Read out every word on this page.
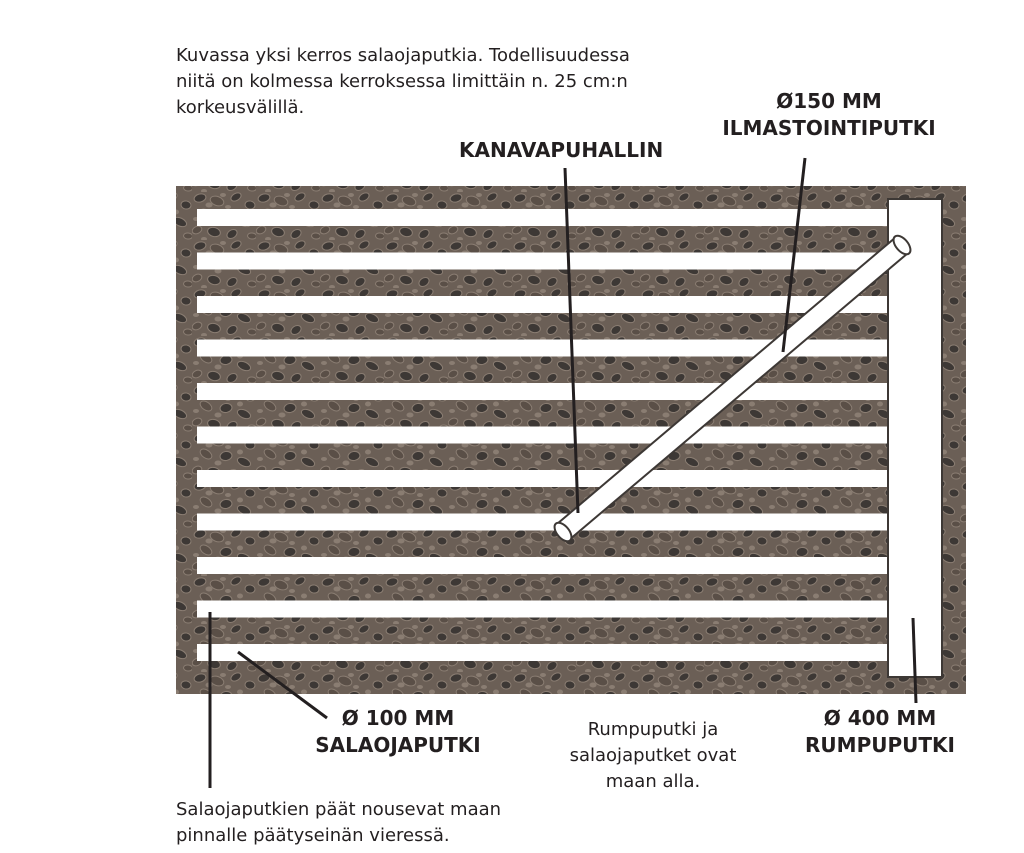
Kuvassa yksi kerros salaojaputkia. Todellisuudessa
niitä on kolmessa kerroksessa limittäin n. 25 cm:n
korkeusvälillä.

KANAVAPUHALLIN
Ø150 MM
ILMASTOINTIPUTKI
Ø 100 MM
SALAOJAPUTKI
Ø 400 MM
RUMPUPUTKI

Rumpuputki ja
salaojaputket ovat
maan alla.

Salaojaputkien päät nousevat maan
pinnalle päätyseinän vieressä.
